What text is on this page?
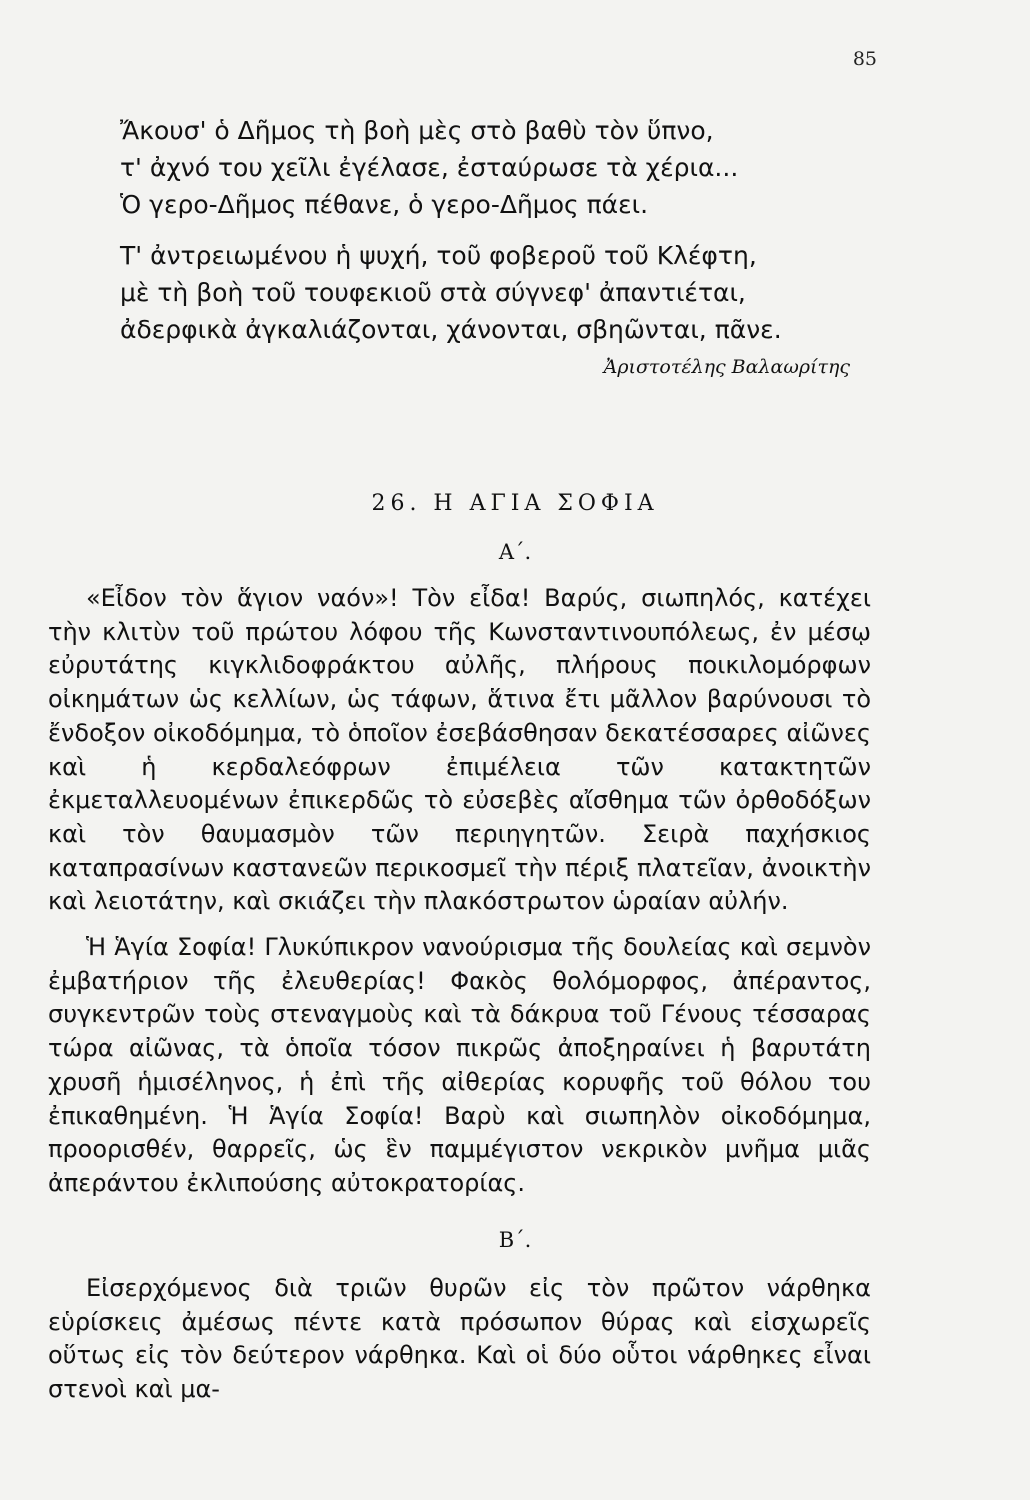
85
Ἄκουσ' ὁ Δῆμος τὴ βοὴ μὲς στὸ βαθὺ τὸν ὕπνο,
τ' ἀχνό του χεῖλι ἐγέλασε, ἐσταύρωσε τὰ χέρια...
Ὁ γερο-Δῆμος πέθανε, ὁ γερο-Δῆμος πάει.
Τ' ἀντρειωμένου ἡ ψυχή, τοῦ φοβεροῦ τοῦ Κλέφτη,
μὲ τὴ βοὴ τοῦ τουφεκιοῦ στὰ σύγνεφ' ἀπαντιέται,
ἀδερφικὰ ἀγκαλιάζονται, χάνονται, σβηῶνται, πᾶνε.
Ἀριστοτέλης Βαλαωρίτης
26. Η ΑΓΙΑ ΣΟΦΙΑ
Α΄.

«Εἶδον τὸν ἅγιον ναόν»! Τὸν εἶδα! Βαρύς, σιωπηλός, κατέχει τὴν κλιτὺν τοῦ πρώτου λόφου τῆς Κωνσταντινουπόλεως, ἐν μέσῳ εὐρυτάτης κιγκλιδοφράκτου αὐλῆς, πλήρους ποικιλομόρφων οἰκημάτων ὡς κελλίων, ὡς τάφων, ἅτινα ἔτι μᾶλλον βαρύνουσι τὸ ἔνδοξον οἰκοδόμημα, τὸ ὁποῖον ἐσεβάσθησαν δεκατέσσαρες αἰῶνες καὶ ἡ κερδαλεόφρων ἐπιμέλεια τῶν κατακτητῶν ἐκμεταλλευομένων ἐπικερδῶς τὸ εὐσεβὲς αἴσθημα τῶν ὀρθοδόξων καὶ τὸν θαυμασμὸν τῶν περιηγητῶν. Σειρὰ παχήσκιος καταπρασίνων καστανεῶν περικοσμεῖ τὴν πέριξ πλατεῖαν, ἀνοικτὴν καὶ λειοτάτην, καὶ σκιάζει τὴν πλακόστρωτον ὡραίαν αὐλήν.

Ἡ Ἁγία Σοφία! Γλυκύπικρον νανούρισμα τῆς δουλείας καὶ σεμνὸν ἐμβατήριον τῆς ἐλευθερίας! Φακὸς θολόμορφος, ἀπέραντος, συγκεντρῶν τοὺς στεναγμοὺς καὶ τὰ δάκρυα τοῦ Γένους τέσσαρας τώρα αἰῶνας, τὰ ὁποῖα τόσον πικρῶς ἀποξηραίνει ἡ βαρυτάτη χρυσῆ ἡμισέληνος, ἡ ἐπὶ τῆς αἰθερίας κορυφῆς τοῦ θόλου του ἐπικαθημένη. Ἡ Ἁγία Σοφία! Βαρὺ καὶ σιωπηλὸν οἰκοδόμημα, προορισθέν, θαρρεῖς, ὡς ἓν παμμέγιστον νεκρικὸν μνῆμα μιᾶς ἀπεράντου ἐκλιπούσης αὐτοκρατορίας.

Β΄.

Εἰσερχόμενος διὰ τριῶν θυρῶν εἰς τὸν πρῶτον νάρθηκα εὑρίσκεις ἀμέσως πέντε κατὰ πρόσωπον θύρας καὶ εἰσχωρεῖς οὕτως εἰς τὸν δεύτερον νάρθηκα. Καὶ οἱ δύο οὗτοι νάρθηκες εἶναι στενοὶ καὶ μα-
